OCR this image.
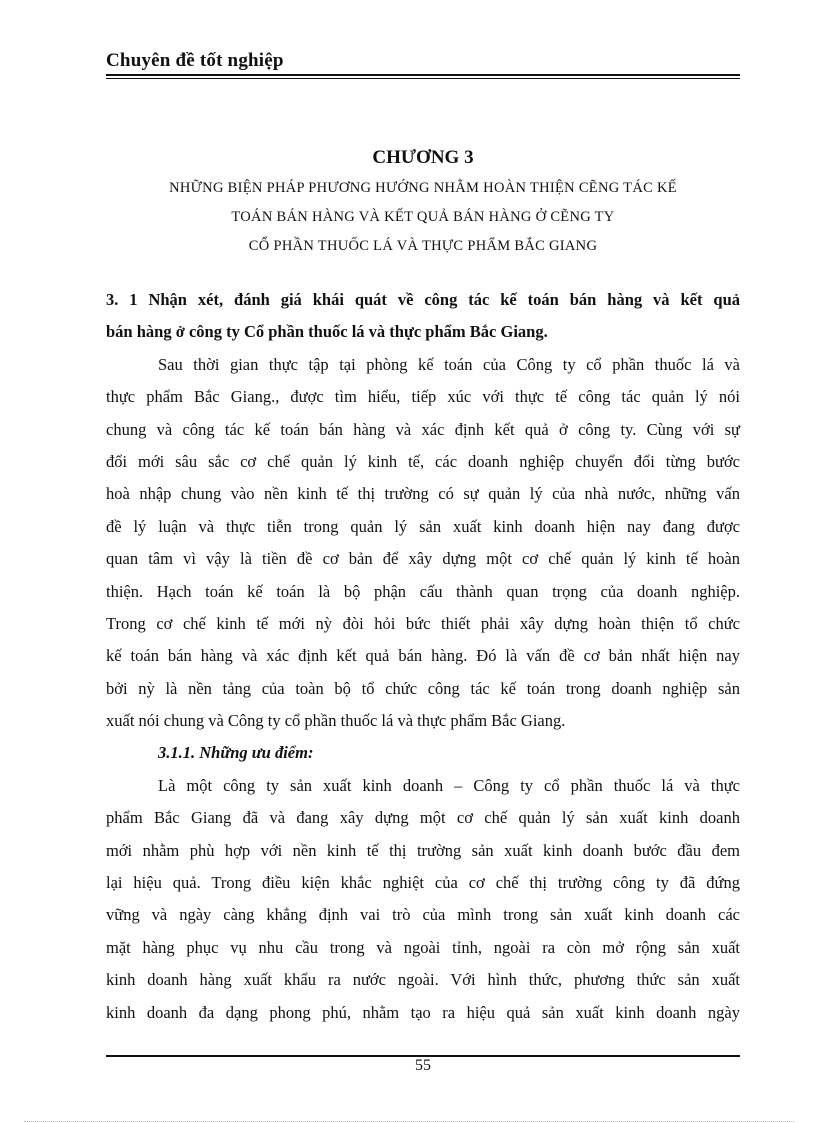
Chuyên đề tốt nghiệp
CHƯƠNG 3
NHỮNG BIỆN PHÁP PHƯƠNG HƯỚNG NHẰM HOÀN THIỆN CẼNG TÁC KẾ
TOÁN BÁN HÀNG VÀ KẾT QUẢ BÁN HÀNG Ở CẼNG TY
CỔ PHẦN THUỐC LÁ VÀ THỰC PHẨM BẮC GIANG
3. 1 Nhận xét, đánh giá khái quát về công tác kế toán bán hàng và kết quả
bán hàng ở công ty Cổ phần thuốc lá và thực phẩm Bắc Giang.
Sau thời gian thực tập tại phòng kế toán của Công ty cổ phần thuốc lá và
thực phẩm Bắc Giang., được tìm hiểu, tiếp xúc với thực tế công tác quản lý nói
chung và công tác kế toán bán hàng và xác định kết quả ở công ty. Cùng với sự
đổi mới sâu sắc cơ chế quản lý kinh tế, các doanh nghiệp chuyển đổi từng bước
hoà nhập chung vào nền kinh tế thị trường có sự quản lý của nhà nước, những vấn
đề lý luận và thực tiễn trong quản lý sản xuất kinh doanh hiện nay đang được
quan tâm vì vậy là tiền đề cơ bản để xây dựng một cơ chế quản lý kinh tế hoàn
thiện. Hạch toán kế toán là bộ phận cấu thành quan trọng của doanh nghiệp.
Trong cơ chế kinh tế mới nỳ đòi hỏi bức thiết phải xây dựng hoàn thiện tổ chức
kế toán bán hàng và xác định kết quả bán hàng. Đó là vấn đề cơ bản nhất hiện nay
bởi nỳ là nền tảng của toàn bộ tổ chức công tác kế toán trong doanh nghiệp sản
xuất nói chung và Công ty cổ phần thuốc lá và thực phẩm Bắc Giang.
3.1.1. Những ưu điểm:
Là một công ty sản xuất kinh doanh – Công ty cổ phần thuốc lá và thực
phẩm Bắc Giang đã và đang xây dựng một cơ chế quản lý sản xuất kinh doanh
mới nhằm phù hợp với nền kinh tế thị trường sản xuất kinh doanh bước đầu đem
lại hiệu quả. Trong điều kiện khắc nghiệt của cơ chế thị trường công ty đã đứng
vững và ngày càng khẳng định vai trò của mình trong sản xuất kinh doanh các
mặt hàng phục vụ nhu cầu trong và ngoài tỉnh, ngoài ra còn mở rộng sản xuất
kinh doanh hàng xuất khẩu ra nước ngoài. Với hình thức, phương thức sản xuất
kinh doanh đa dạng phong phú, nhằm tạo ra hiệu quả sản xuất kinh doanh ngày
55
